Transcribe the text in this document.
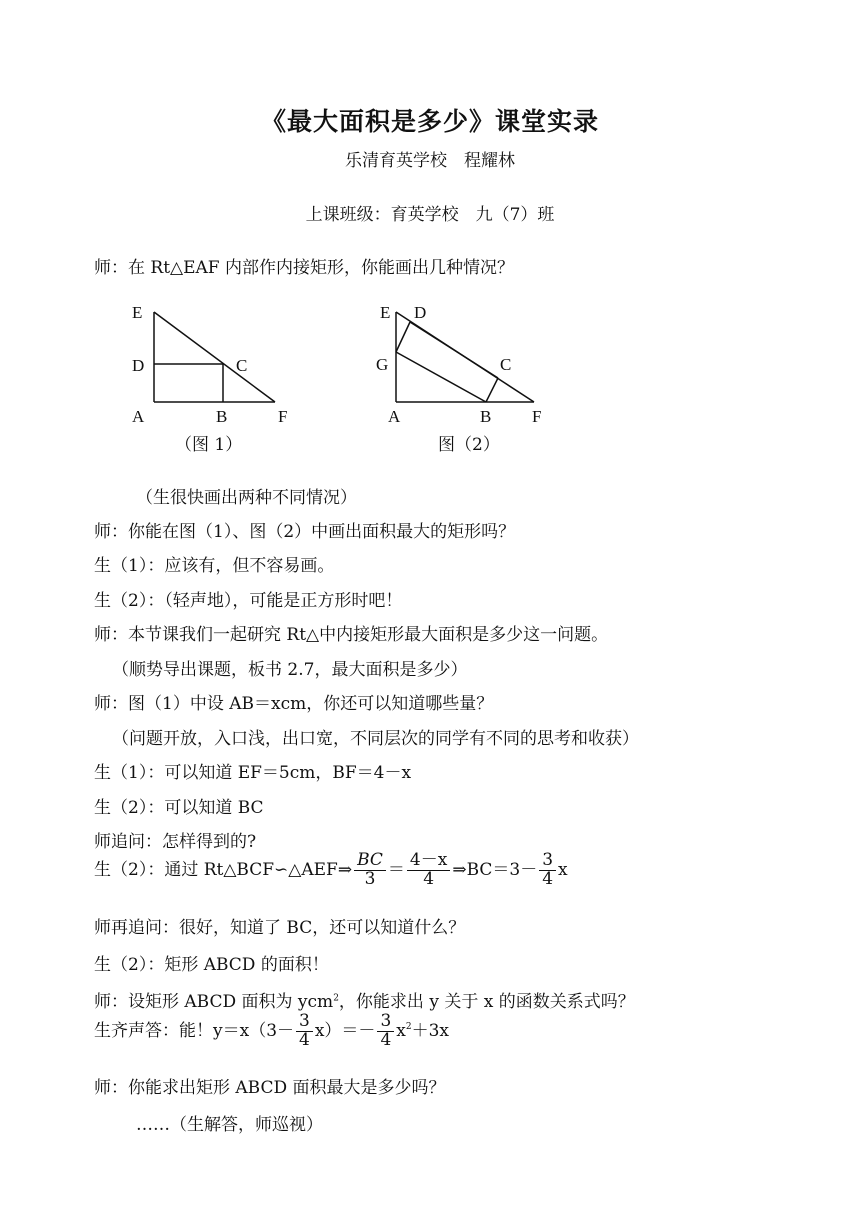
《最大面积是多少》课堂实录
乐清育英学校　程耀林
上课班级：育英学校　九（7）班
师：在 Rt△EAF 内部作内接矩形，你能画出几种情况？
E
D	C
A	B	F
（图 1）
E D
G	C
A	B F
图（2）
（生很快画出两种不同情况）
师：你能在图（1）、图（2）中画出面积最大的矩形吗？
生（1）：应该有，但不容易画。
生（2）：（轻声地），可能是正方形时吧！
师：本节课我们一起研究 Rt△中内接矩形最大面积是多少这一问题。
（顺势导出课题，板书 2.7，最大面积是多少）
师：图（1）中设 AB＝xcm，你还可以知道哪些量？
（问题开放，入口浅，出口宽，不同层次的同学有不同的思考和收获）
生（1）：可以知道 EF＝5cm，BF＝4－x
生（2）：可以知道 BC
师追问：怎样得到的?
生（2）：通过 Rt△BCF∽△AEF⇒ $\frac{BC}{3} = \frac{4-x}{4}$ ⇒BC＝3－ $\frac{3}{4}$ x
师再追问：很好，知道了 BC，还可以知道什么？
生（2）：矩形 ABCD 的面积！
师：设矩形 ABCD 面积为 ycm$^2$，你能求出 y 关于 x 的函数关系式吗？
生齐声答：能！$y=x(3- \frac{3}{4} x)=- \frac{3}{4} x^2+3x$
师：你能求出矩形 ABCD 面积最大是多少吗？
……（生解答，师巡视）
